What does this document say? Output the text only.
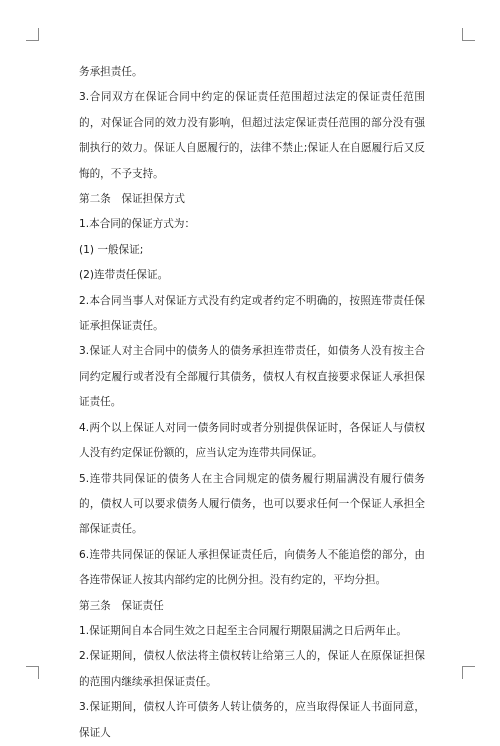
务承担责任。

3.合同双方在保证合同中约定的保证责任范围超过法定的保证责任范围的，对保证合同的效力没有影响，但超过法定保证责任范围的部分没有强制执行的效力。保证人自愿履行的，法律不禁止;保证人在自愿履行后又反悔的，不予支持。

第二条　保证担保方式

1.本合同的保证方式为：

(1) 一般保证;

(2)连带责任保证。

2.本合同当事人对保证方式没有约定或者约定不明确的，按照连带责任保证承担保证责任。

3.保证人对主合同中的债务人的债务承担连带责任，如债务人没有按主合同约定履行或者没有全部履行其债务，债权人有权直接要求保证人承担保证责任。

4.两个以上保证人对同一债务同时或者分别提供保证时，各保证人与债权人没有约定保证份额的，应当认定为连带共同保证。

5.连带共同保证的债务人在主合同规定的债务履行期届满没有履行债务的，债权人可以要求债务人履行债务，也可以要求任何一个保证人承担全部保证责任。

6.连带共同保证的保证人承担保证责任后，向债务人不能追偿的部分，由各连带保证人按其内部约定的比例分担。没有约定的，平均分担。

第三条　保证责任

1.保证期间自本合同生效之日起至主合同履行期限届满之日后两年止。

2.保证期间，债权人依法将主债权转让给第三人的，保证人在原保证担保的范围内继续承担保证责任。

3.保证期间，债权人许可债务人转让债务的，应当取得保证人书面同意，保证人
